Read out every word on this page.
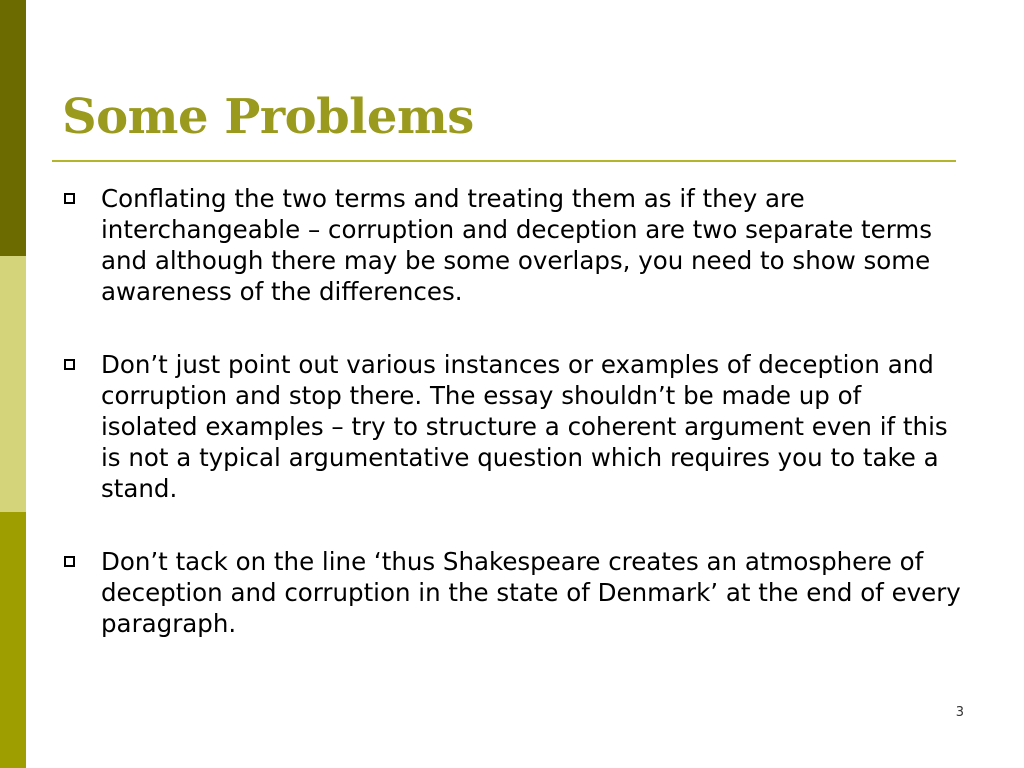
Some Problems
Conflating the two terms and treating them as if they are interchangeable – corruption and deception are two separate terms and although there may be some overlaps, you need to show some awareness of the differences.
Don’t just point out various instances or examples of deception and corruption and stop there. The essay shouldn’t be made up of isolated examples – try to structure a coherent argument even if this is not a typical argumentative question which requires you to take a stand.
Don’t tack on the line ‘thus Shakespeare creates an atmosphere of deception and corruption in the state of Denmark’ at the end of every paragraph.
3
